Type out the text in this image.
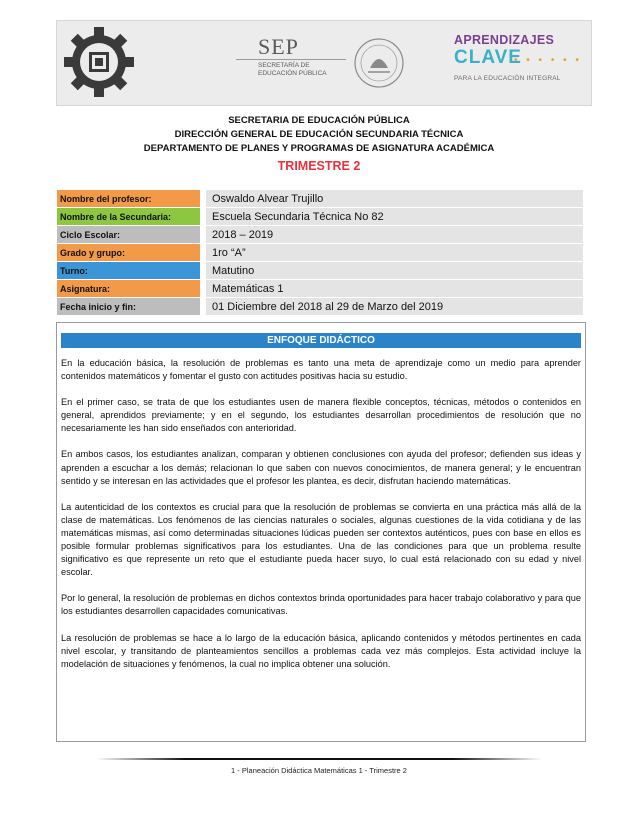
SEP
SECRETARÍA DE EDUCACIÓN PÚBLICA
APRENDIZAJES
CLAVE
• • • • • •
PARA LA EDUCACIÓN INTEGRAL
SECRETARIA DE EDUCACIÓN PÚBLICA
DIRECCIÓN GENERAL DE EDUCACIÓN SECUNDARIA TÉCNICA
DEPARTAMENTO DE PLANES Y PROGRAMAS DE ASIGNATURA ACADÉMICA
TRIMESTRE 2
Nombre del profesor:		Oswaldo Alvear Trujillo
Nombre de la Secundaria:		Escuela Secundaria Técnica No 82
Ciclo Escolar:		2018 – 2019
Grado y grupo:		1ro “A”
Turno:		Matutino
Asignatura:		Matemáticas 1
Fecha inicio y fin:		01 Diciembre del 2018 al 29 de Marzo del 2019
ENFOQUE DIDÁCTICO

En la educación básica, la resolución de problemas es tanto una meta de aprendizaje como un medio para aprender contenidos matemáticos y fomentar el gusto con actitudes positivas hacia su estudio.

En el primer caso, se trata de que los estudiantes usen de manera flexible conceptos, técnicas, métodos o contenidos en general, aprendidos previamente; y en el segundo, los estudiantes desarrollan procedimientos de resolución que no necesariamente les han sido enseñados con anterioridad.

En ambos casos, los estudiantes analizan, comparan y obtienen conclusiones con ayuda del profesor; defienden sus ideas y aprenden a escuchar a los demás; relacionan lo que saben con nuevos conocimientos, de manera general; y le encuentran sentido y se interesan en las actividades que el profesor les plantea, es decir, disfrutan haciendo matemáticas.

La autenticidad de los contextos es crucial para que la resolución de problemas se convierta en una práctica más allá de la clase de matemáticas. Los fenómenos de las ciencias naturales o sociales, algunas cuestiones de la vida cotidiana y de las matemáticas mismas, así como determinadas situaciones lúdicas pueden ser contextos auténticos, pues con base en ellos es posible formular problemas significativos para los estudiantes. Una de las condiciones para que un problema resulte significativo es que represente un reto que el estudiante pueda hacer suyo, lo cual está relacionado con su edad y nivel escolar.

Por lo general, la resolución de problemas en dichos contextos brinda oportunidades para hacer trabajo colaborativo y para que los estudiantes desarrollen capacidades comunicativas.

La resolución de problemas se hace a lo largo de la educación básica, aplicando contenidos y métodos pertinentes en cada nivel escolar, y transitando de planteamientos sencillos a problemas cada vez más complejos. Esta actividad incluye la modelación de situaciones y fenómenos, la cual no implica obtener una solución.

1 - Planeación Didáctica Matemáticas 1 - Trimestre 2
